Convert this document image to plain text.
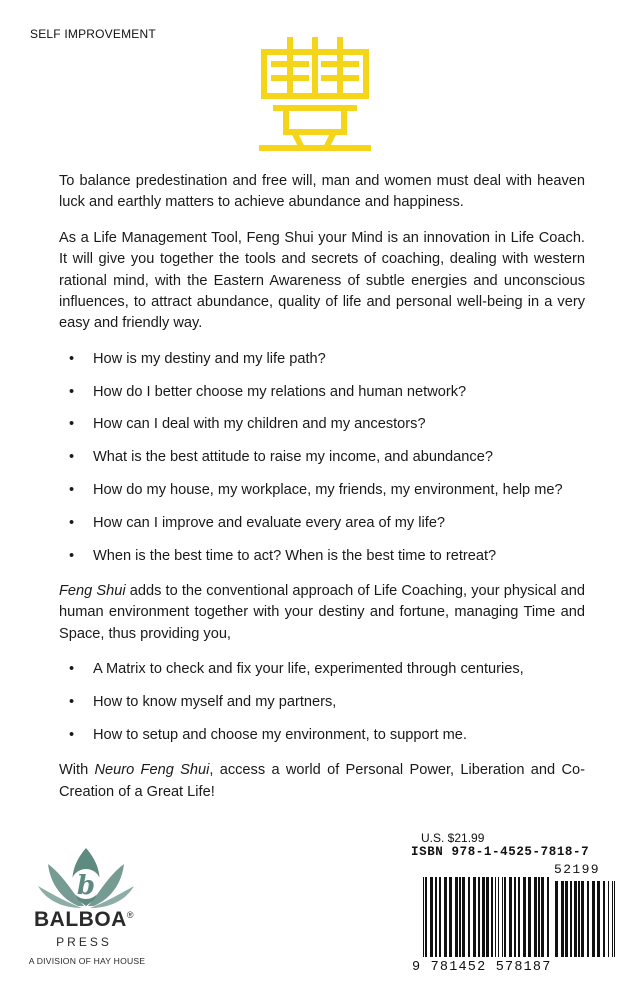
SELF IMPROVEMENT

To balance predestination and free will, man and women must deal with heaven luck and earthly matters to achieve abundance and happiness.

As a Life Management Tool, Feng Shui your Mind is an innovation in Life Coach. It will give you together the tools and secrets of coaching, dealing with western rational mind, with the Eastern Awareness of subtle energies and unconscious influences, to attract abundance, quality of life and personal well-being in a very easy and friendly way.

• How is my destiny and my life path?
• How do I better choose my relations and human network?
• How can I deal with my children and my ancestors?
• What is the best attitude to raise my income, and abundance?
• How do my house, my workplace, my friends, my environment, help me?
• How can I improve and evaluate every area of my life?
• When is the best time to act? When is the best time to retreat?

Feng Shui adds to the conventional approach of Life Coaching, your physical and human environment together with your destiny and fortune, managing Time and Space, thus providing you,

• A Matrix to check and fix your life, experimented through centuries,
• How to know myself and my partners,
• How to setup and choose my environment, to support me.

With Neuro Feng Shui, access a world of Personal Power, Liberation and Co-Creation of a Great Life!

b
BALBOA®
PRESS
A DIVISION OF HAY HOUSE
U.S. $21.99
ISBN 978-1-4525-7818-7
52199
9 781452 578187
